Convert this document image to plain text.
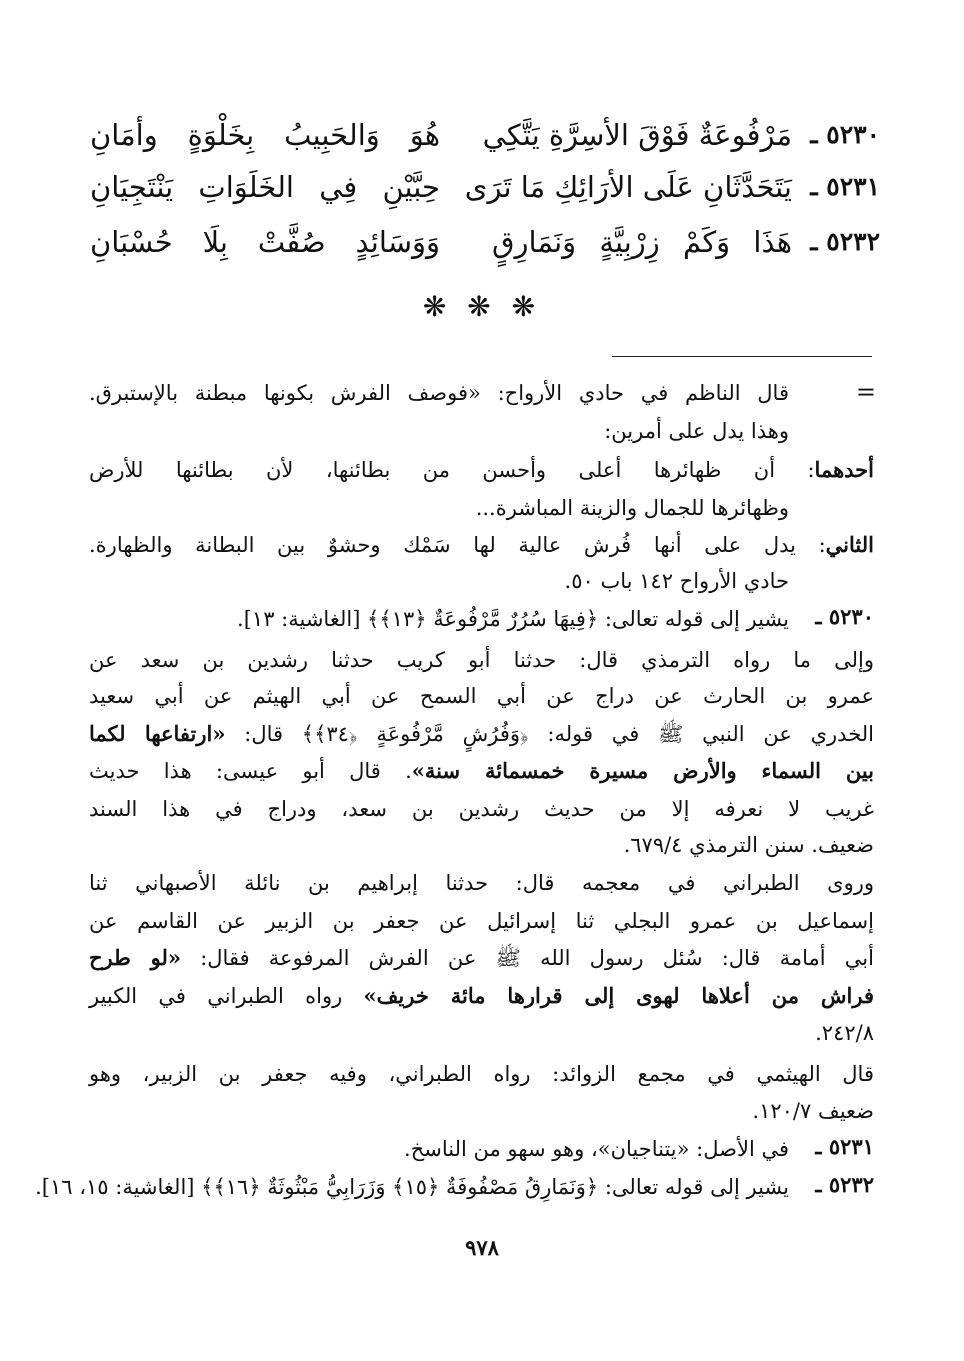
٥٢٣٠ ـ
مَرْفُوعَةٌ فَوْقَ الأسِرَّةِ يَتَّكِي
هُوَ وَالحَبِيبُ بِخَلْوَةٍ وأمَانِ
٥٢٣١ ـ
يَتَحَدَّثَانِ عَلَى الأرَائِكِ مَا تَرَى
حِبَّيْنِ فِي الخَلَوَاتِ يَنْتَجِيَانِ
٥٢٣٢ ـ
هَذَا وَكَمْ زِرْبِيَّةٍ وَنَمَارِقٍ
وَوَسَائِدٍ صُفَّتْ بِلَا حُسْبَانِ
❋ ❋ ❋
=
قال الناظم في حادي الأرواح: «فوصف الفرش بكونها مبطنة بالإستبرق.
وهذا يدل على أمرين:
أحدهما: أن ظهائرها أعلى وأحسن من بطائنها، لأن بطائنها للأرض
وظهائرها للجمال والزينة المباشرة...
الثاني: يدل على أنها فُرش عالية لها سَمْك وحشوٌ بين البطانة والظهارة.
حادي الأرواح ١٤٢ باب ٥٠.
٥٢٣٠ ـ
يشير إلى قوله تعالى: ﴿فِيهَا سُرُرٌ مَّرْفُوعَةٌ ﴿١٣﴾﴾ [الغاشية: ١٣].
وإلى ما رواه الترمذي قال: حدثنا أبو كريب حدثنا رشدين بن سعد عن
عمرو بن الحارث عن دراج عن أبي السمح عن أبي الهيثم عن أبي سعيد
الخدري عن النبي ﷺ في قوله: ﴿وَفُرُشٍ مَّرْفُوعَةٍ ﴿٣٤﴾﴾ قال: «ارتفاعها لكما
بين السماء والأرض مسيرة خمسمائة سنة». قال أبو عيسى: هذا حديث
غريب لا نعرفه إلا من حديث رشدين بن سعد، ودراج في هذا السند
ضعيف. سنن الترمذي ٦٧٩/٤.
وروى الطبراني في معجمه قال: حدثنا إبراهيم بن نائلة الأصبهاني ثنا
إسماعيل بن عمرو البجلي ثنا إسرائيل عن جعفر بن الزبير عن القاسم عن
أبي أمامة قال: سُئل رسول الله ﷺ عن الفرش المرفوعة فقال: «لو طرح
فراش من أعلاها لهوى إلى قرارها مائة خريف» رواه الطبراني في الكبير
٢٤٢/٨.
قال الهيثمي في مجمع الزوائد: رواه الطبراني، وفيه جعفر بن الزبير، وهو
ضعيف ١٢٠/٧.
٥٢٣١ ـ
في الأصل: «يتناجيان»، وهو سهو من الناسخ.
٥٢٣٢ ـ
يشير إلى قوله تعالى: ﴿وَنَمَارِقُ مَصْفُوفَةٌ ﴿١٥﴾ وَزَرَابِيُّ مَبْثُوثَةٌ ﴿١٦﴾﴾ [الغاشية: ١٥، ١٦].
٩٧٨
